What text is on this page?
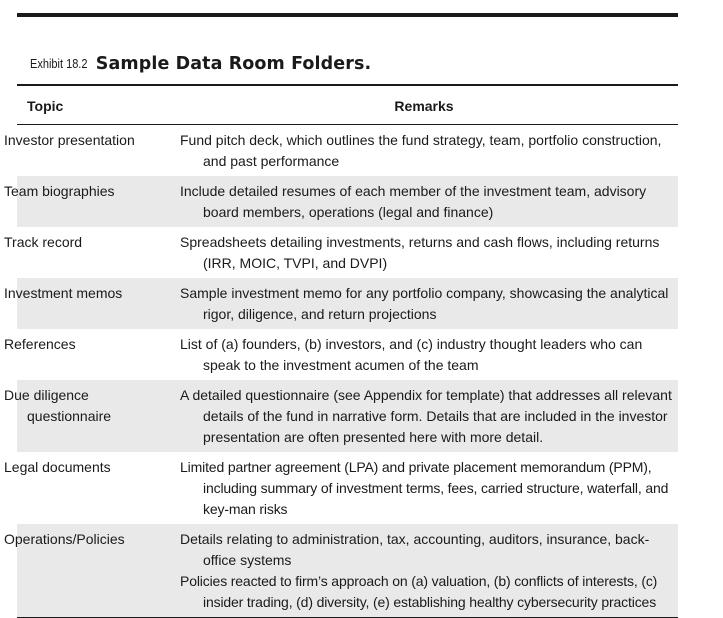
Exhibit 18.2 Sample Data Room Folders.
Topic	Remarks
Investor presentation	Fund pitch deck, which outlines the fund strategy, team, portfolio construction, and past performance

Team biographies	Include detailed resumes of each member of the investment team, advisory board members, operations (legal and finance)

Track record	Spreadsheets detailing investments, returns and cash flows, including returns (IRR, MOIC, TVPI, and DVPI)

Investment memos	Sample investment memo for any portfolio company, showcasing the analytical rigor, diligence, and return projections

References	List of (a) founders, (b) investors, and (c) industry thought leaders who can speak to the investment acumen of the team

Due diligence questionnaire	A detailed questionnaire (see Appendix for template) that addresses all relevant details of the fund in narrative form. Details that are included in the investor presentation are often presented here with more detail.

Legal documents	Limited partner agreement (LPA) and private placement memorandum (PPM), including summary of investment terms, fees, carried structure, waterfall, and key-man risks

Operations/Policies	Details relating to administration, tax, accounting, auditors, insurance, back-office systems
Policies reacted to firm’s approach on (a) valuation, (b) conflicts of interests, (c) insider trading, (d) diversity, (e) establishing healthy cybersecurity practices
